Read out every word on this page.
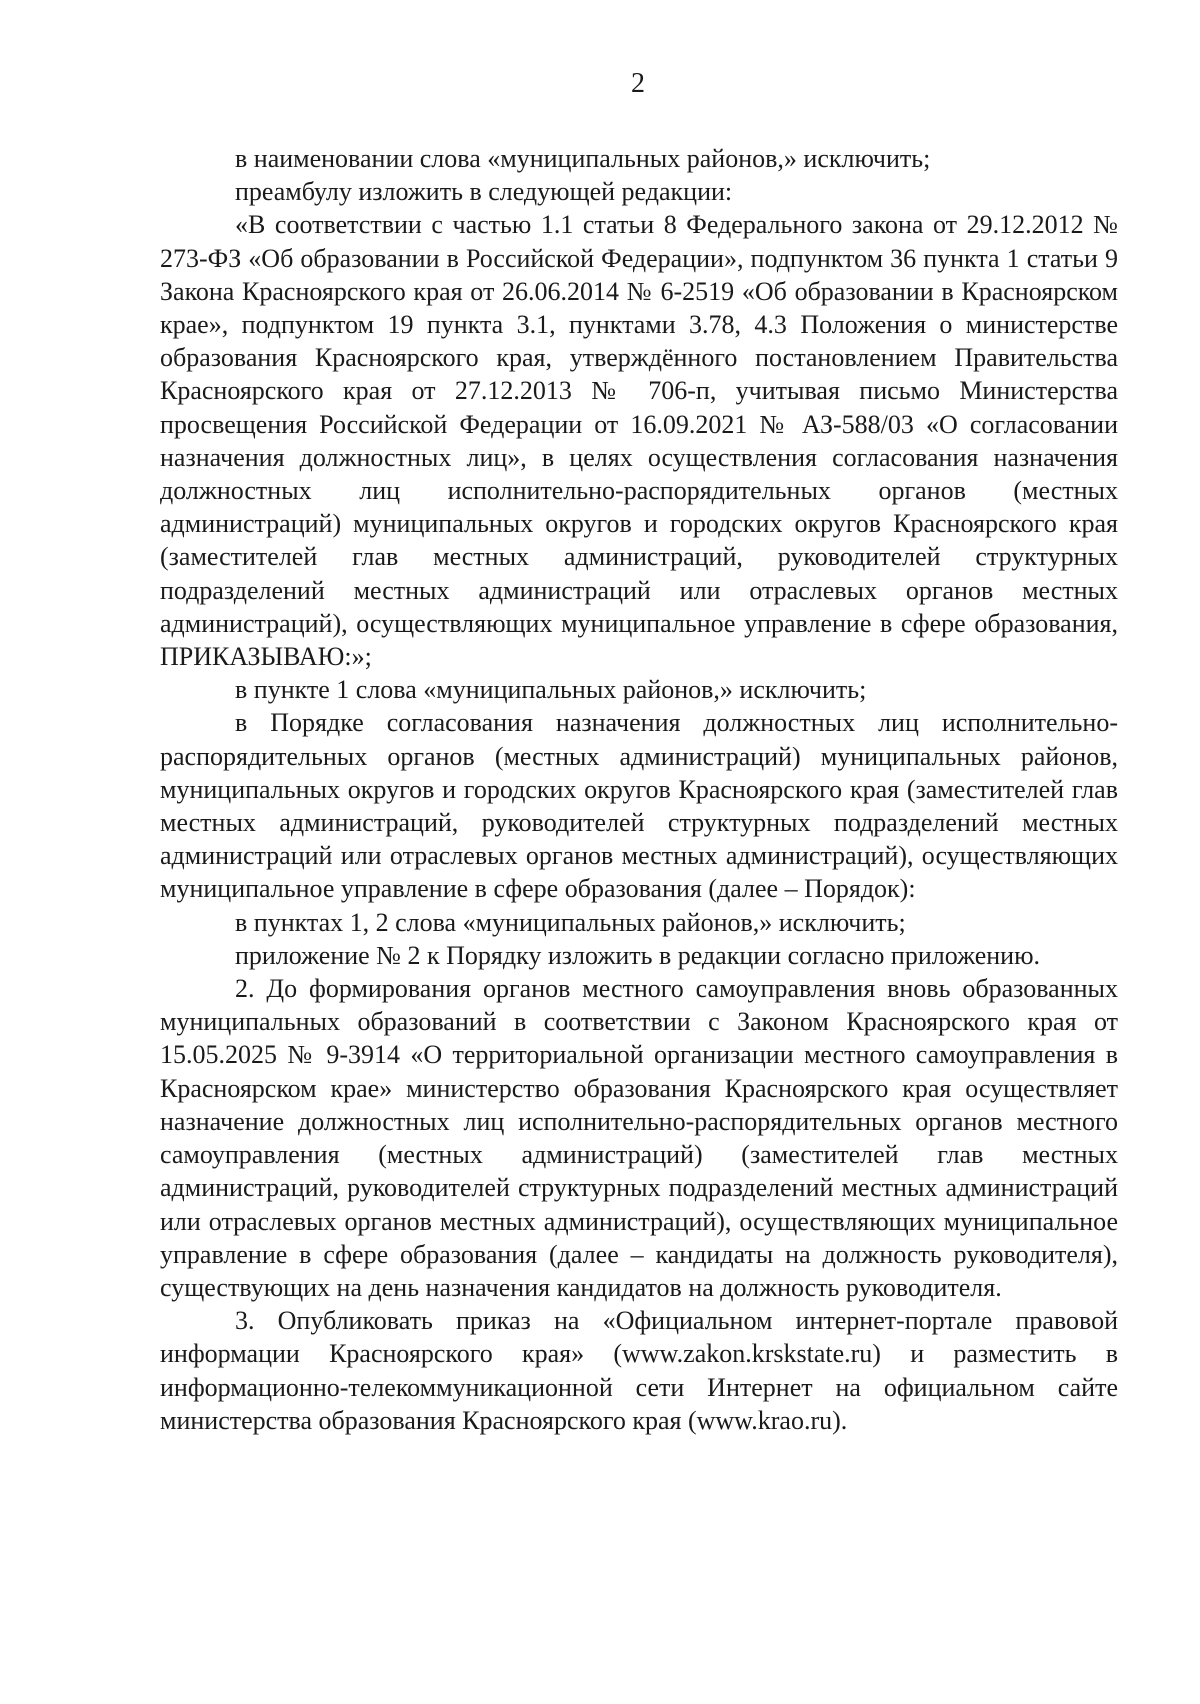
2

в наименовании слова «муниципальных районов,» исключить;

преамбулу изложить в следующей редакции:

«В соответствии с частью 1.1 статьи 8 Федерального закона от 29.12.2012 № 273-ФЗ «Об образовании в Российской Федерации», подпунктом 36 пункта 1 статьи 9 Закона Красноярского края от 26.06.2014 № 6-2519 «Об образовании в Красноярском крае», подпунктом 19 пункта 3.1, пунктами 3.78, 4.3 Положения о министерстве образования Красноярского края, утверждённого постановлением Правительства Красноярского края от 27.12.2013 № 706-п, учитывая письмо Министерства просвещения Российской Федерации от 16.09.2021 № АЗ-588/03 «О согласовании назначения должностных лиц», в целях осуществления согласования назначения должностных лиц исполнительно-распорядительных органов (местных администраций) муниципальных округов и городских округов Красноярского края (заместителей глав местных администраций, руководителей структурных подразделений местных администраций или отраслевых органов местных администраций), осуществляющих муниципальное управление в сфере образования, ПРИКАЗЫВАЮ:»;

в пункте 1 слова «муниципальных районов,» исключить;

в Порядке согласования назначения должностных лиц исполнительно-распорядительных органов (местных администраций) муниципальных районов, муниципальных округов и городских округов Красноярского края (заместителей глав местных администраций, руководителей структурных подразделений местных администраций или отраслевых органов местных администраций), осуществляющих муниципальное управление в сфере образования (далее – Порядок):

в пунктах 1, 2 слова «муниципальных районов,» исключить;

приложение № 2 к Порядку изложить в редакции согласно приложению.

2. До формирования органов местного самоуправления вновь образованных муниципальных образований в соответствии с Законом Красноярского края от 15.05.2025 № 9-3914 «О территориальной организации местного самоуправления в Красноярском крае» министерство образования Красноярского края осуществляет назначение должностных лиц исполнительно-распорядительных органов местного самоуправления (местных администраций) (заместителей глав местных администраций, руководителей структурных подразделений местных администраций или отраслевых органов местных администраций), осуществляющих муниципальное управление в сфере образования (далее – кандидаты на должность руководителя), существующих на день назначения кандидатов на должность руководителя.

3. Опубликовать приказ на «Официальном интернет-портале правовой информации Красноярского края» (www.zakon.krskstate.ru) и разместить в информационно-телекоммуникационной сети Интернет на официальном сайте министерства образования Красноярского края (www.krao.ru).
